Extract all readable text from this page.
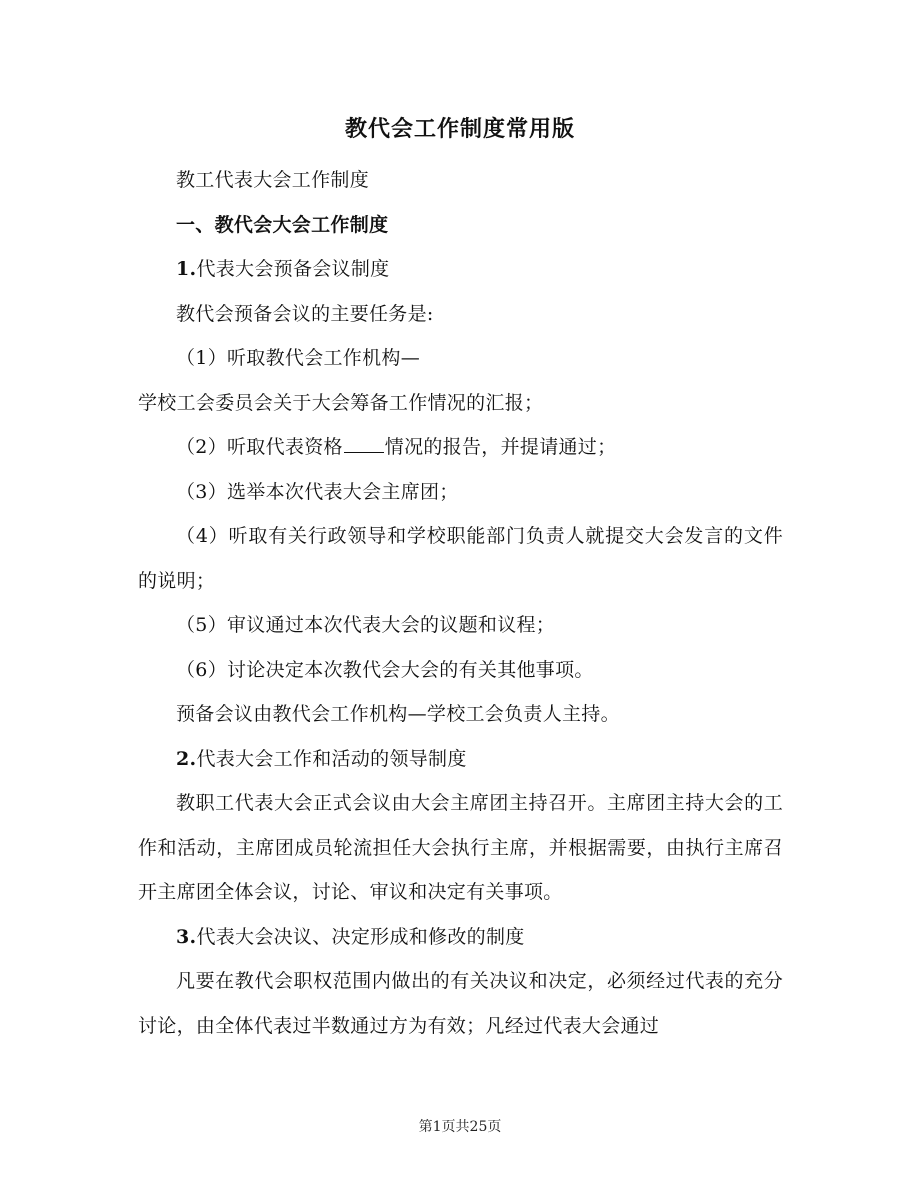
教代会工作制度常用版

教工代表大会工作制度

一、教代会大会工作制度

1.代表大会预备会议制度

教代会预备会议的主要任务是:

（1）听取教代会工作机构—

学校工会委员会关于大会筹备工作情况的汇报；

（2）听取代表资格 情况的报告，并提请通过；

（3）选举本次代表大会主席团；

（4）听取有关行政领导和学校职能部门负责人就提交大会发言的文件的说明；

（5）审议通过本次代表大会的议题和议程；

（6）讨论决定本次教代会大会的有关其他事项。

预备会议由教代会工作机构—学校工会负责人主持。

2.代表大会工作和活动的领导制度

教职工代表大会正式会议由大会主席团主持召开。主席团主持大会的工作和活动，主席团成员轮流担任大会执行主席，并根据需要，由执行主席召开主席团全体会议，讨论、审议和决定有关事项。

3.代表大会决议、决定形成和修改的制度

凡要在教代会职权范围内做出的有关决议和决定，必须经过代表的充分讨论，由全体代表过半数通过方为有效；凡经过代表大会通过

第1页共25页
